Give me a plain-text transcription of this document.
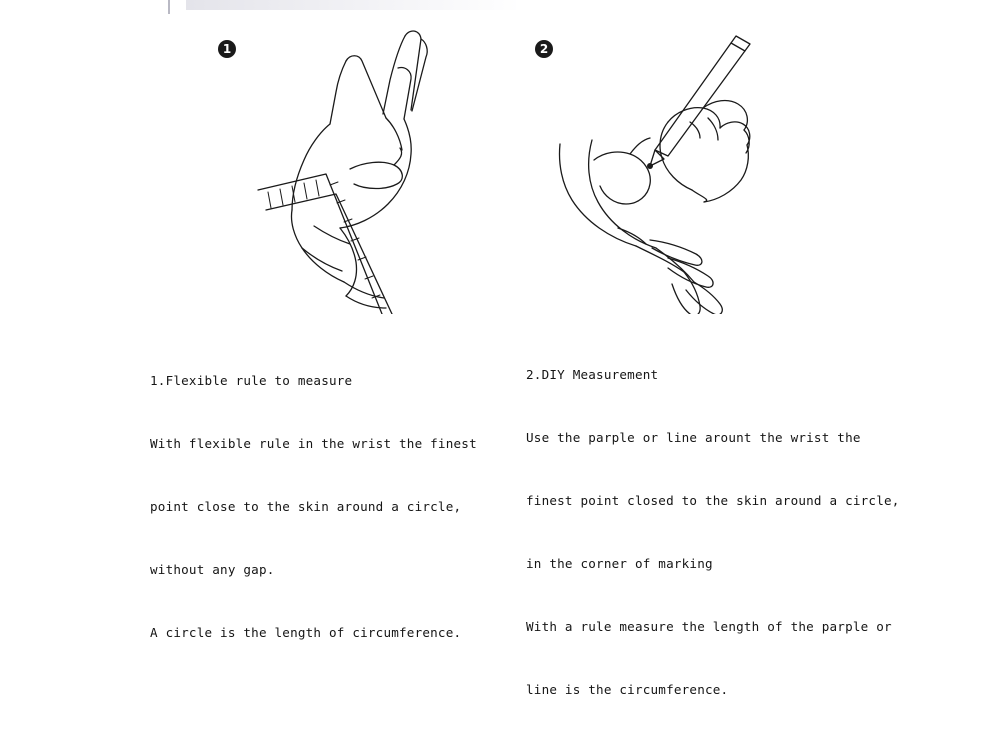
1

1.Flexible rule to measure

With flexible rule in the wrist the finest

point close to the skin around a circle,

without any gap.

A circle is the length of circumference.

2

2.DIY Measurement

Use the parple or line arount the wrist the

finest point closed to the skin around a circle,

in the corner of marking

With a rule measure the length of the parple or

line is the circumference.
